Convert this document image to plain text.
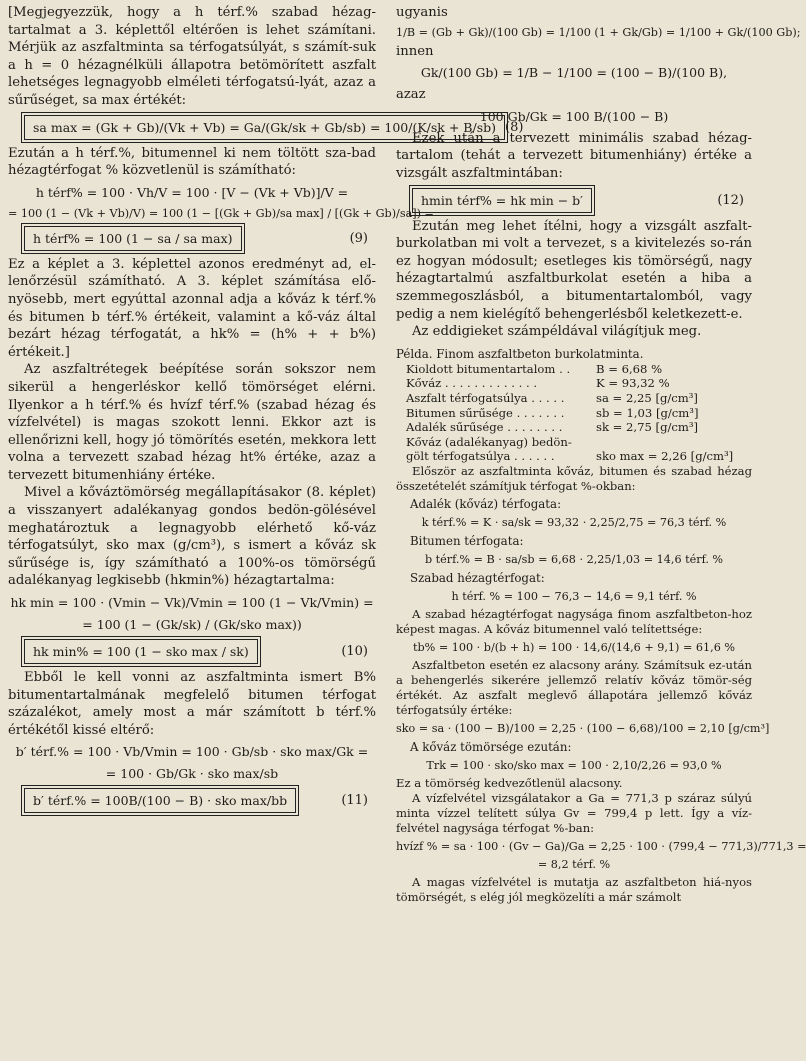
[Megjegyezzük, hogy a h térf.% szabad hézag-tartalmat a 3. képlettől eltérően is lehet számítani. Mérjük az aszfaltminta sa térfogatsúlyát, s számít-suk a h = 0 hézagnélküli állapotra betömörített aszfalt lehetséges legnagyobb elméleti térfogatsú-lyát, azaz a sűrűséget, sa max értékét:

sa max = (Gk + Gb)/(Vk + Vb) = Ga/(Gk/sk + Gb/sb) = 100/(K/sk + B/sb) (8)

Ezután a h térf.%, bitumennel ki nem töltött sza-bad hézagtérfogat % közvetlenül is számítható:

h térf% = 100 · Vh/V = 100 · [V − (Vk + Vb)]/V =
= 100 (1 − (Vk + Vb)/V) = 100 (1 − [(Gk + Gb)/sa max] / [(Gk + Gb)/sa]) =
h térf% = 100 (1 − sa / sa max)	(9)

Ez a képlet a 3. képlettel azonos eredményt ad, el-lenőrzésül számítható. A 3. képlet számítása elő-nyösebb, mert egyúttal azonnal adja a kőváz k térf.% és bitumen b térf.% értékeit, valamint a kő-váz által bezárt hézag térfogatát, a hk% = (h% + + b%) értékeit.]

Az aszfaltrétegek beépítése során sokszor nem sikerül a hengerléskor kellő tömörséget elérni. Ilyenkor a h térf.% és hvízf térf.% (szabad hézag és vízfelvétel) is magas szokott lenni. Ekkor azt is ellenőrizni kell, hogy jó tömörítés esetén, mekkora lett volna a tervezett szabad hézag ht% értéke, azaz a tervezett bitumenhiány értéke.

Mivel a kőváztömörség megállapításakor (8. képlet) a visszanyert adalékanyag gondos bedön-gölésével meghatároztuk a legnagyobb elérhető kő-váz térfogatsúlyt, sko max (g/cm³), s ismert a kőváz sk sűrűsége is, így számítható a 100%-os tömörségű adalékanyag legkisebb (hkmin%) hézagtartalma:

hk min = 100 · (Vmin − Vk)/Vmin = 100 (1 − Vk/Vmin) =
= 100 (1 − (Gk/sk) / (Gk/sko max))
hk min% = 100 (1 − sko max / sk)	(10)

Ebből le kell vonni az aszfaltminta ismert B% bitumentartalmának megfelelő bitumen térfogat százalékot, amely most a már számított b térf.% értékétől kissé eltérő:

b′ térf.% = 100 · Vb/Vmin = 100 · Gb/sb · sko max/Gk =
= 100 · Gb/Gk · sko max/sb
b′ térf.% = 100B/(100 − B) · sko max/bb	(11)

ugyanis

1/B = (Gb + Gk)/(100 Gb) = 1/100 (1 + Gk/Gb) = 1/100 + Gk/(100 Gb);

innen

Gk/(100 Gb) = 1/B − 1/100 = (100 − B)/(100 B),

azaz

100 Gb/Gk = 100 B/(100 − B)

Ezek után a tervezett minimális szabad hézag-tartalom (tehát a tervezett bitumenhiány) értéke a vizsgált aszfaltmintában:

hmin térf% = hk min − b′	(12)

Ezután meg lehet ítélni, hogy a vizsgált aszfalt-burkolatban mi volt a tervezet, s a kivitelezés so-rán ez hogyan módosult; esetleges kis tömörségű, nagy hézagtartalmú aszfaltburkolat esetén a hiba a szemmegoszlásból, a bitumentartalomból, vagy pedig a nem kielégítő behengerlésből keletkezett-e.

Az eddigieket számpéldával világítjuk meg.

Példa. Finom aszfaltbeton burkolatminta.

Kioldott bitumentartalom . .	B = 6,68 %
Kőváz . . . . . . . . . . . . .	K = 93,32 %
Aszfalt térfogatsúlya . . . . .	sa = 2,25 [g/cm³]
Bitumen sűrűsége . . . . . . .	sb = 1,03 [g/cm³]
Adalék sűrűsége . . . . . . . .	sk = 2,75 [g/cm³]
Kőváz (adalékanyag) bedön-
gölt térfogatsúlya . . . . . .	sko max = 2,26 [g/cm³]

Először az aszfaltminta kőváz, bitumen és szabad hézag összetételét számítjuk térfogat %-okban:

Adalék (kőváz) térfogata:

k térf.% = K · sa/sk = 93,32 · 2,25/2,75 = 76,3 térf. %

Bitumen térfogata:

b térf.% = B · sa/sb = 6,68 · 2,25/1,03 = 14,6 térf. %

Szabad hézagtérfogat:

h térf. % = 100 − 76,3 − 14,6 = 9,1 térf. %

A szabad hézagtérfogat nagysága finom aszfaltbeton-hoz képest magas. A kőváz bitumennel való telítettsége:

tb% = 100 · b/(b + h) = 100 · 14,6/(14,6 + 9,1) = 61,6 %

Aszfaltbeton esetén ez alacsony arány. Számítsuk ez-után a behengerlés sikerére jellemző relatív kőváz tömör-ség értékét. Az aszfalt meglevő állapotára jellemző kőváz térfogatsúly értéke:

sko = sa · (100 − B)/100 = 2,25 · (100 − 6,68)/100 = 2,10 [g/cm³]

A kőváz tömörsége ezután:

Trk = 100 · sko/sko max = 100 · 2,10/2,26 = 93,0 %

Ez a tömörség kedvezőtlenül alacsony.

A vízfelvétel vizsgálatakor a Ga = 771,3 p száraz súlyú minta vízzel telített súlya Gv = 799,4 p lett. Így a víz-felvétel nagysága térfogat %-ban:

hvízf % = sa · 100 · (Gv − Ga)/Ga = 2,25 · 100 · (799,4 − 771,3)/771,3 =
= 8,2 térf. %

A magas vízfelvétel is mutatja az aszfaltbeton hiá-nyos tömörségét, s elég jól megközelíti a már számolt
